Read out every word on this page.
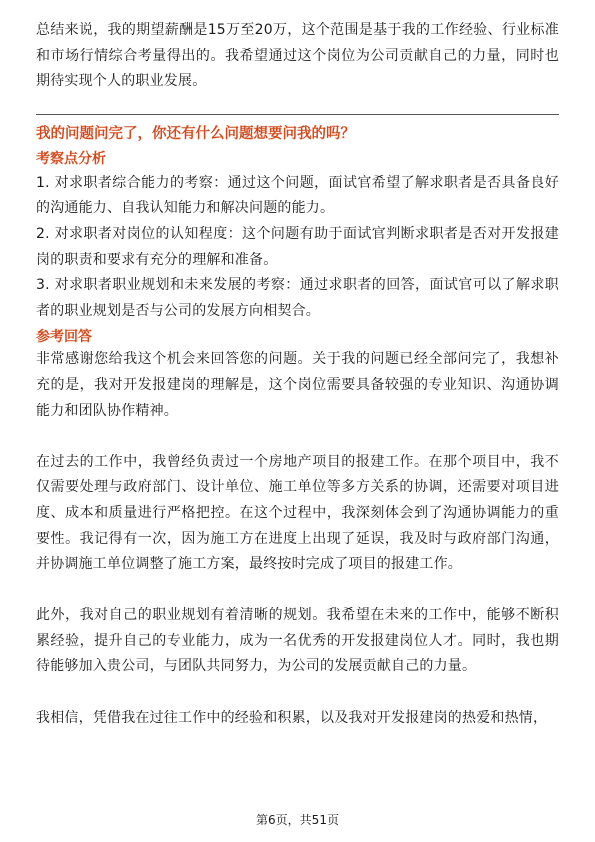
总结来说，我的期望薪酬是15万至20万，这个范围是基于我的工作经验、行业标准和市场行情综合考量得出的。我希望通过这个岗位为公司贡献自己的力量，同时也期待实现个人的职业发展。

我的问题问完了，你还有什么问题想要问我的吗？

考察点分析

1. 对求职者综合能力的考察：通过这个问题，面试官希望了解求职者是否具备良好的沟通能力、自我认知能力和解决问题的能力。

2. 对求职者对岗位的认知程度：这个问题有助于面试官判断求职者是否对开发报建岗的职责和要求有充分的理解和准备。

3. 对求职者职业规划和未来发展的考察：通过求职者的回答，面试官可以了解求职者的职业规划是否与公司的发展方向相契合。

参考回答

非常感谢您给我这个机会来回答您的问题。关于我的问题已经全部问完了，我想补充的是，我对开发报建岗的理解是，这个岗位需要具备较强的专业知识、沟通协调能力和团队协作精神。

在过去的工作中，我曾经负责过一个房地产项目的报建工作。在那个项目中，我不仅需要处理与政府部门、设计单位、施工单位等多方关系的协调，还需要对项目进度、成本和质量进行严格把控。在这个过程中，我深刻体会到了沟通协调能力的重要性。我记得有一次，因为施工方在进度上出现了延误，我及时与政府部门沟通，并协调施工单位调整了施工方案，最终按时完成了项目的报建工作。

此外，我对自己的职业规划有着清晰的规划。我希望在未来的工作中，能够不断积累经验，提升自己的专业能力，成为一名优秀的开发报建岗位人才。同时，我也期待能够加入贵公司，与团队共同努力，为公司的发展贡献自己的力量。

我相信，凭借我在过往工作中的经验和积累，以及我对开发报建岗的热爱和热情，

第6页，共51页
